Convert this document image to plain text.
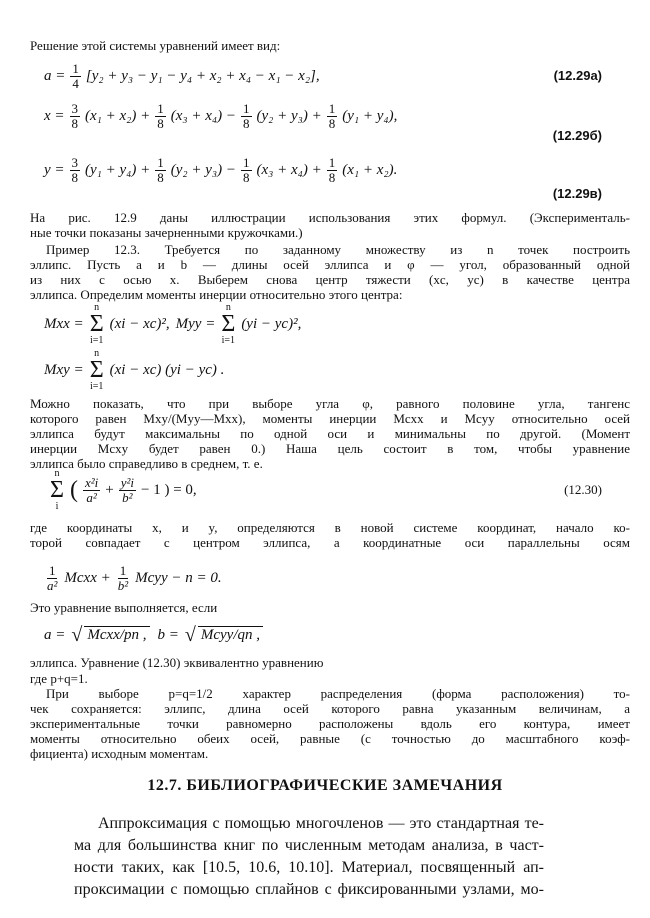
Решение этой системы уравнений имеет вид:
$a = \frac{1}{4} [y_2 + y_3 - y_1 - y_4 + x_2 + x_4 - x_1 - x_2]$,	(12.29a)
$x = \frac{3}{8} (x_1 + x_2) + \frac{1}{8} (x_3 + x_4) - \frac{1}{8} (y_2 + y_3) + \frac{1}{8} (y_1 + y_4)$,
(12.29б)
$y = \frac{3}{8} (y_1 + y_4) + \frac{1}{8} (y_2 + y_3) - \frac{1}{8} (x_3 + x_4) + \frac{1}{8} (x_1 + x_2)$.
(12.29в)
На рис. 12.9 даны иллюстрации использования этих формул. (Эксперименталь-
ные точки показаны зачерненными кружочками.)
Пример 12.3. Требуется по заданному множеству из n точек построить
эллипс. Пусть a и b — длины осей эллипса и φ — угол, образованный одной
из них с осью x. Выберем снова центр тяжести (xc, yc) в качестве центра
эллипса. Определим моменты инерции относительно этого центра:
Mxx =
n
Σ
i=1
(xi − xc)², Myy =
n
Σ
i=1
(yi − yc)²,
Mxy =
n
Σ
i=1
(xi − xc) (yi − yc) .
Можно показать, что при выборе угла φ, равного половине угла, тангенс
которого равен Mxy/(Myy—Mxx), моменты инерции Mcxx и Mcyy относительно осей
эллипса будут максимальны по одной оси и минимальны по другой. (Момент
инерции Mcxy будет равен 0.) Наша цель состоит в том, чтобы уравнение
эллипса было справедливо в среднем, т. е.
n
Σ
i
( $\frac{\text{x²i}}{\text{a²}} + \frac{\text{y²i}}{\text{b²}} - 1$ ) = 0,	(12.30)
где координаты x, и y, определяются в новой системе координат, начало ко-
торой совпадает с центром эллипса, а координатные оси параллельны осям
$\frac{1}{\text{a²}}$ Mcxx + $\frac{1}{\text{b²}}$ Mcyy − n = 0.
Это уравнение выполняется, если
a = √ Mcxx/pn , b = √ Mcyy/qn ,
эллипса. Уравнение (12.30) эквивалентно уравнению
где p+q=1.
При выборе p=q=1/2 характер распределения (форма расположения) то-
чек сохраняется: эллипс, длина осей которого равна указанным величинам, а
экспериментальные точки равномерно расположены вдоль его контура, имеет
моменты относительно обеих осей, равные (с точностью до масштабного коэф-
фициента) исходным моментам.
12.7. БИБЛИОГРАФИЧЕСКИЕ ЗАМЕЧАНИЯ
Аппроксимация с помощью многочленов — это стандартная те-
ма для большинства книг по численным методам анализа, в част-
ности таких, как [10.5, 10.6, 10.10]. Материал, посвященный ап-
проксимации с помощью сплайнов с фиксированными узлами, мо-
